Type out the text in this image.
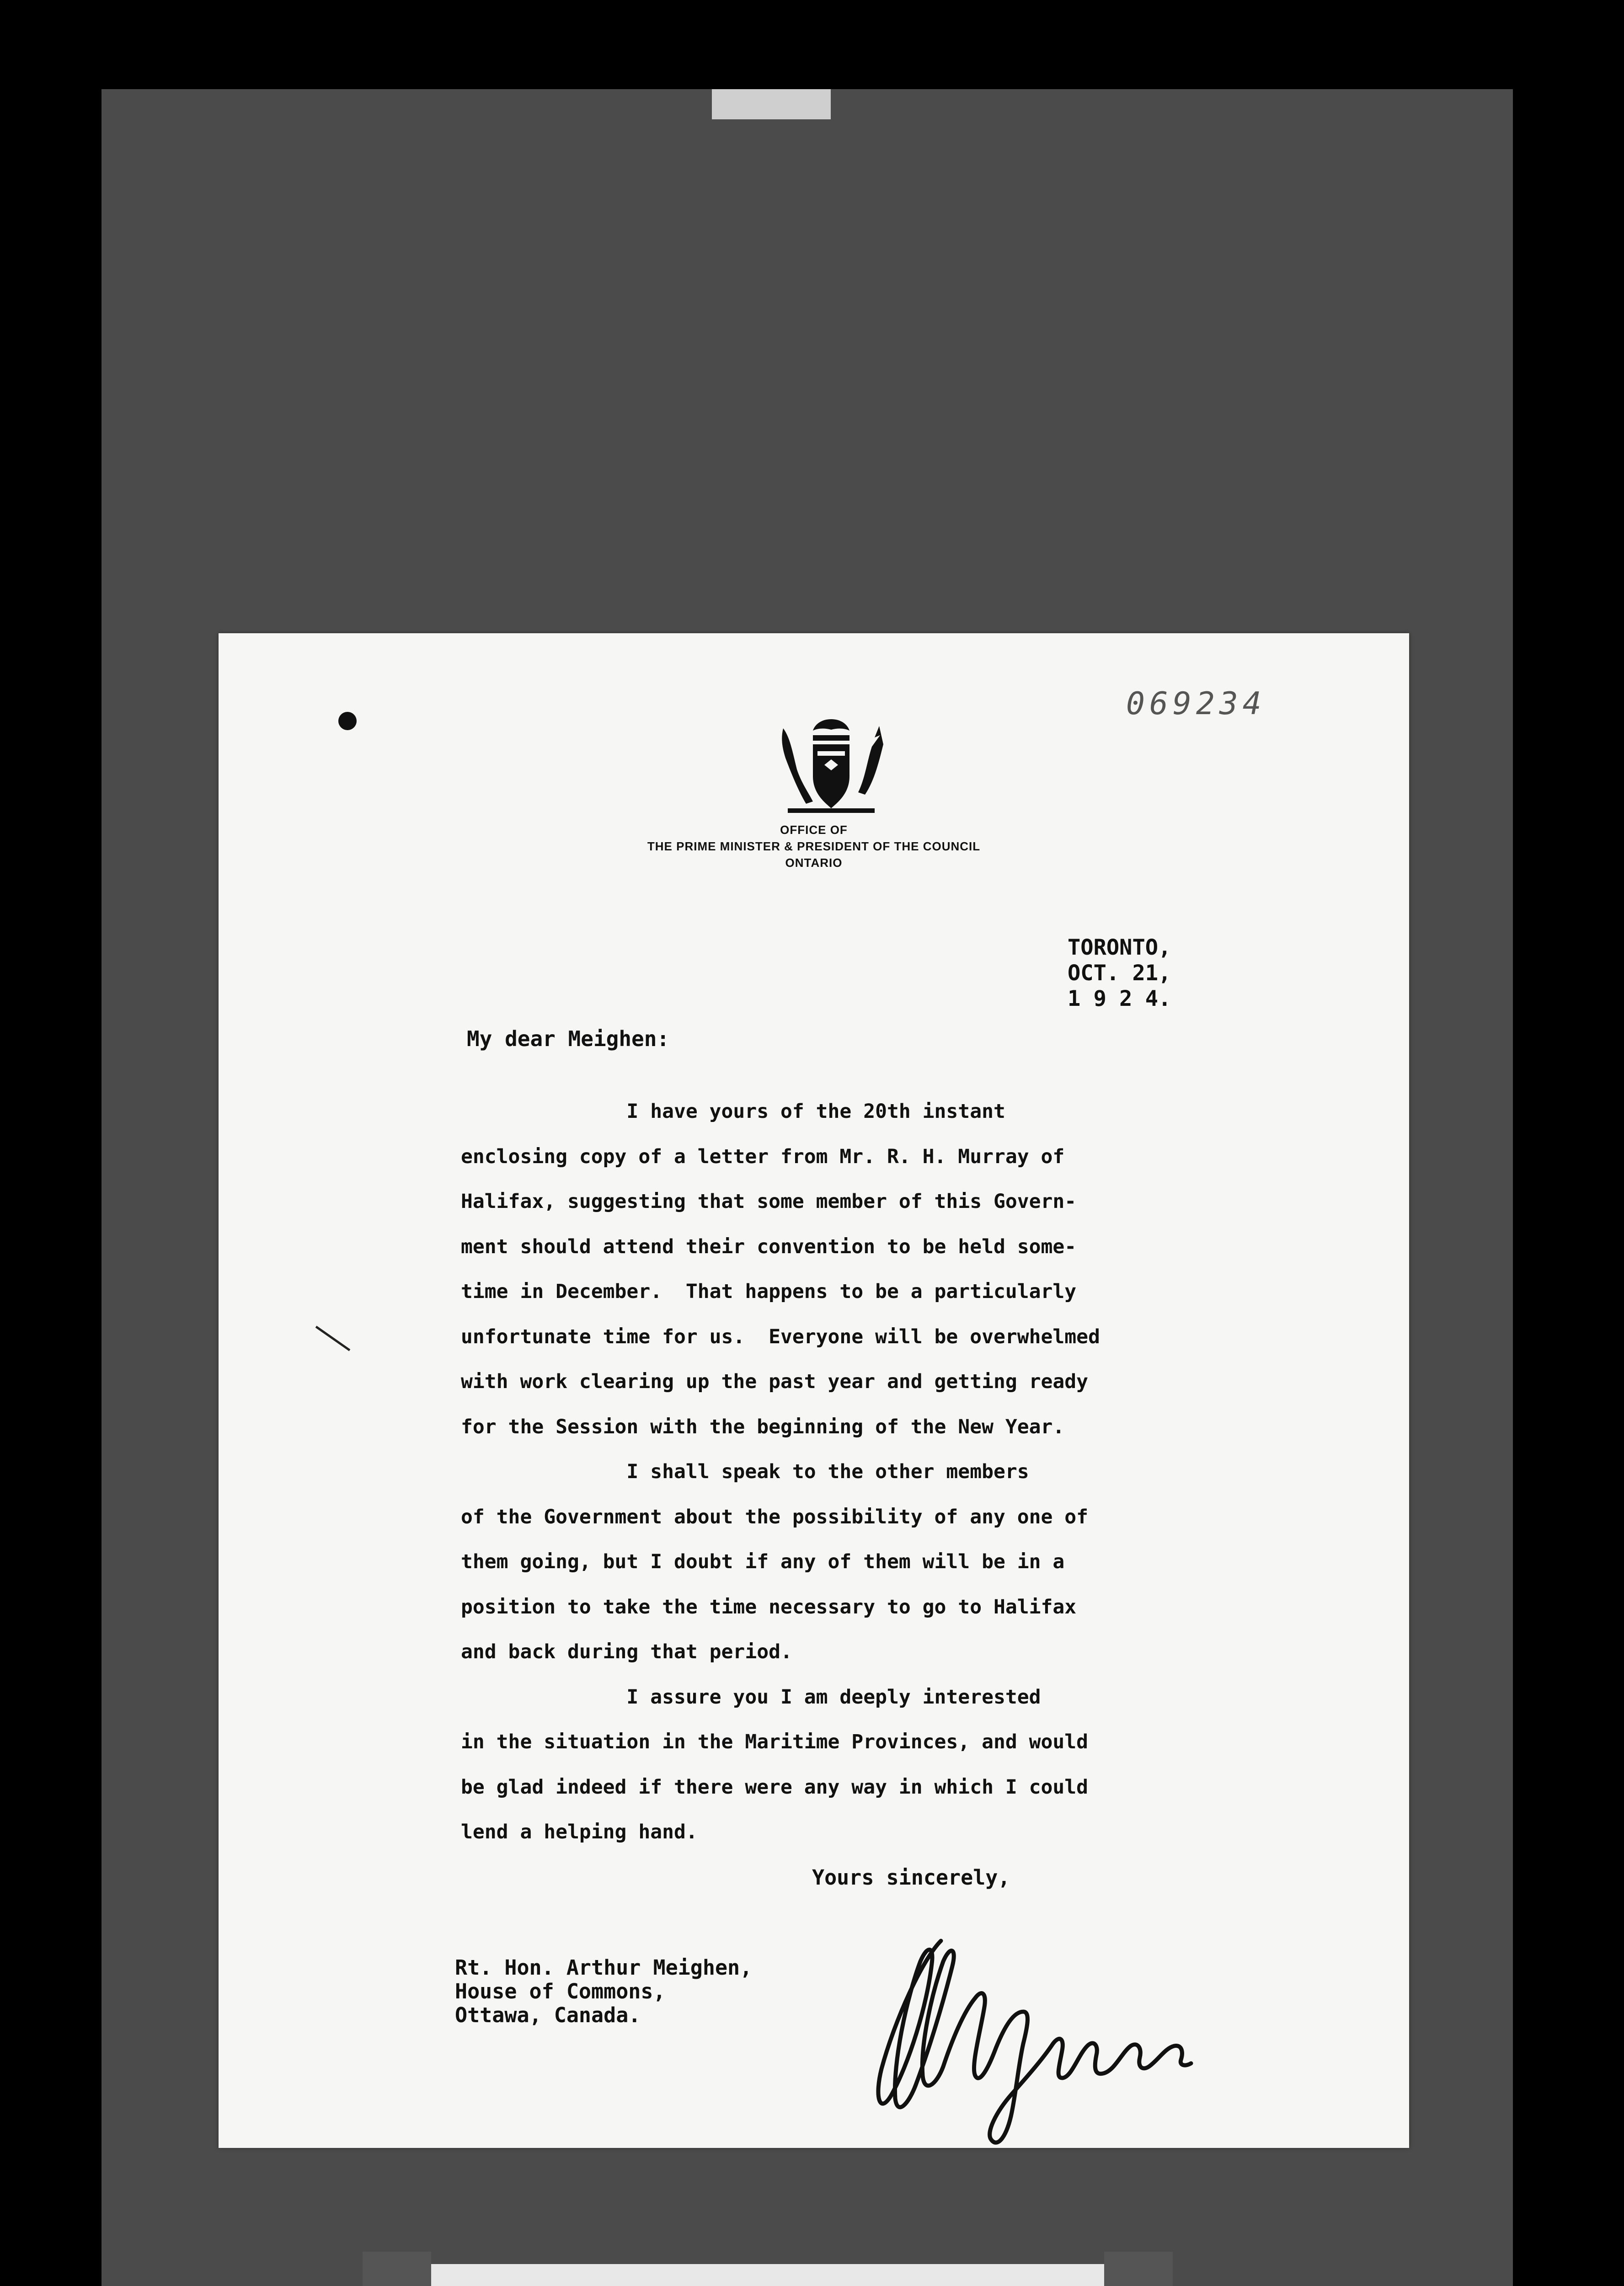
OFFICE OF
THE PRIME MINISTER & PRESIDENT OF THE COUNCIL
ONTARIO
069234
TORONTO,
OCT. 21,
1 9 2 4.
My dear Meighen:

I have yours of the 20th instant

enclosing copy of a letter from Mr. R. H. Murray of

Halifax, suggesting that some member of this Govern-

ment should attend their convention to be held some-

time in December.  That happens to be a particularly

unfortunate time for us.  Everyone will be overwhelmed

with work clearing up the past year and getting ready

for the Session with the beginning of the New Year.

I shall speak to the other members

of the Government about the possibility of any one of

them going, but I doubt if any of them will be in a

position to take the time necessary to go to Halifax

and back during that period.

I assure you I am deeply interested

in the situation in the Maritime Provinces, and would

be glad indeed if there were any way in which I could

lend a helping hand.

Yours sincerely,

Rt. Hon. Arthur Meighen,

House of Commons,

Ottawa, Canada.
